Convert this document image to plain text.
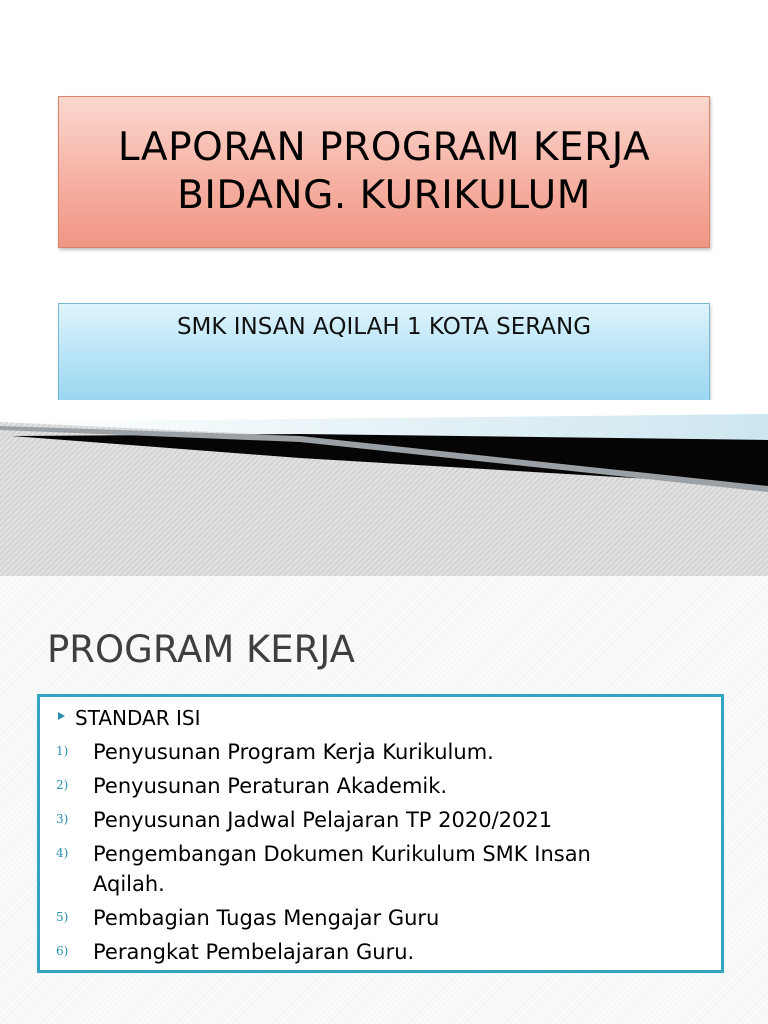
LAPORAN PROGRAM KERJA
BIDANG. KURIKULUM
SMK INSAN AQILAH 1 KOTA SERANG
PROGRAM KERJA
STANDAR ISI
1) Penyusunan Program Kerja Kurikulum.
2) Penyusunan Peraturan Akademik.
3) Penyusunan Jadwal Pelajaran TP 2020/2021
4) Pengembangan Dokumen Kurikulum SMK Insan
Aqilah.
5) Pembagian Tugas Mengajar Guru
6) Perangkat Pembelajaran Guru.
